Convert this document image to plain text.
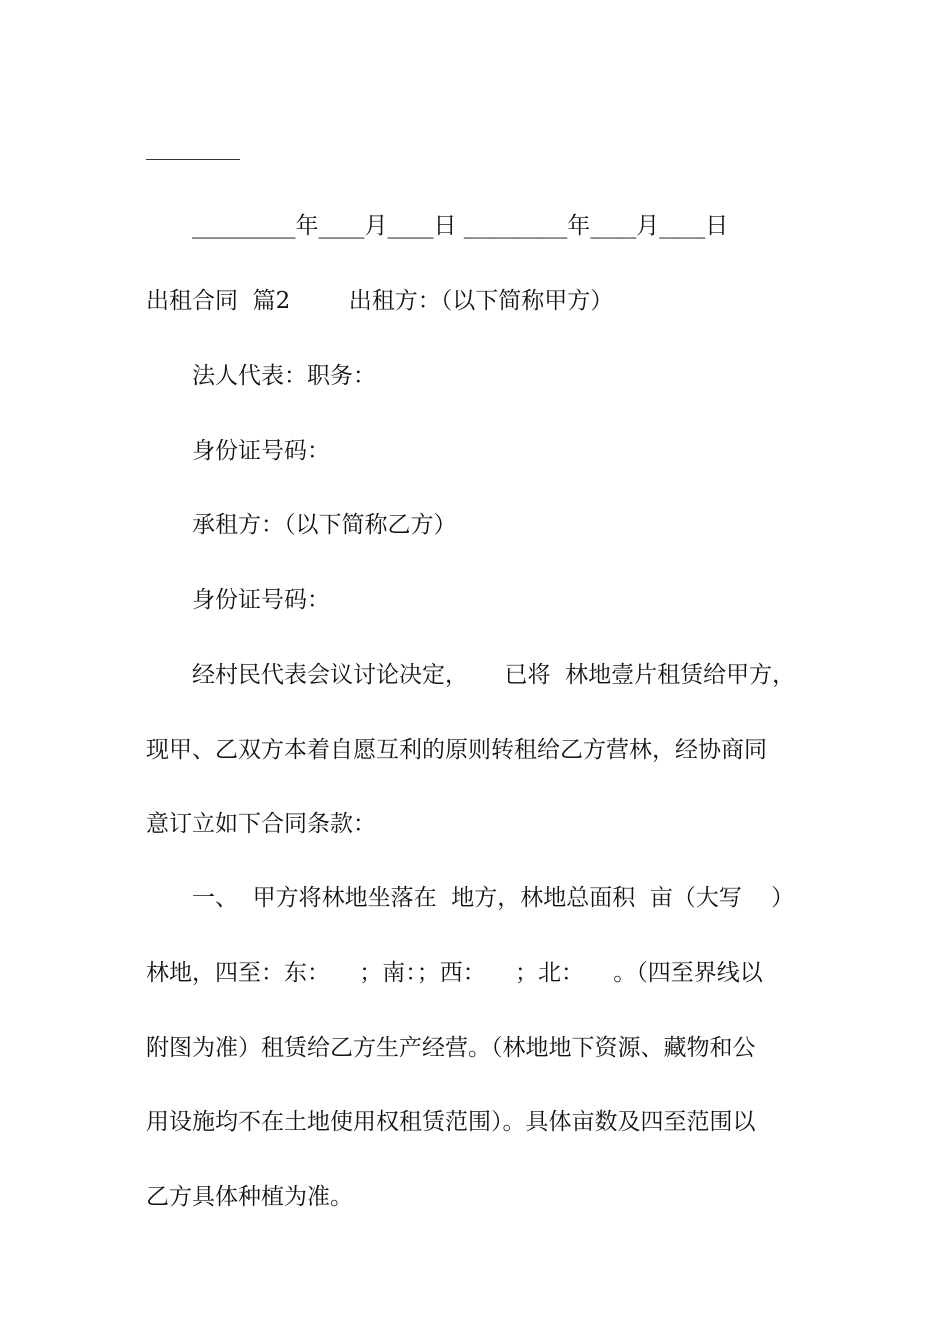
_________年____月____日 _________年____月____日
出租合同  篇2        出租方：（以下简称甲方）
法人代表：职务：
身份证号码：
承租方：（以下简称乙方）
身份证号码：
经村民代表会议讨论决定，     已将  林地壹片租赁给甲方，
现甲、乙双方本着自愿互利的原则转租给乙方营林，经协商同
意订立如下合同条款：
一、  甲方将林地坐落在  地方，林地总面积  亩（大写    ）
林地，四至：东：    ；南：；西：    ；北：    。（四至界线以
附图为准）租赁给乙方生产经营。（林地地下资源、藏物和公
用设施均不在土地使用权租赁范围）。具体亩数及四至范围以
乙方具体种植为准。
